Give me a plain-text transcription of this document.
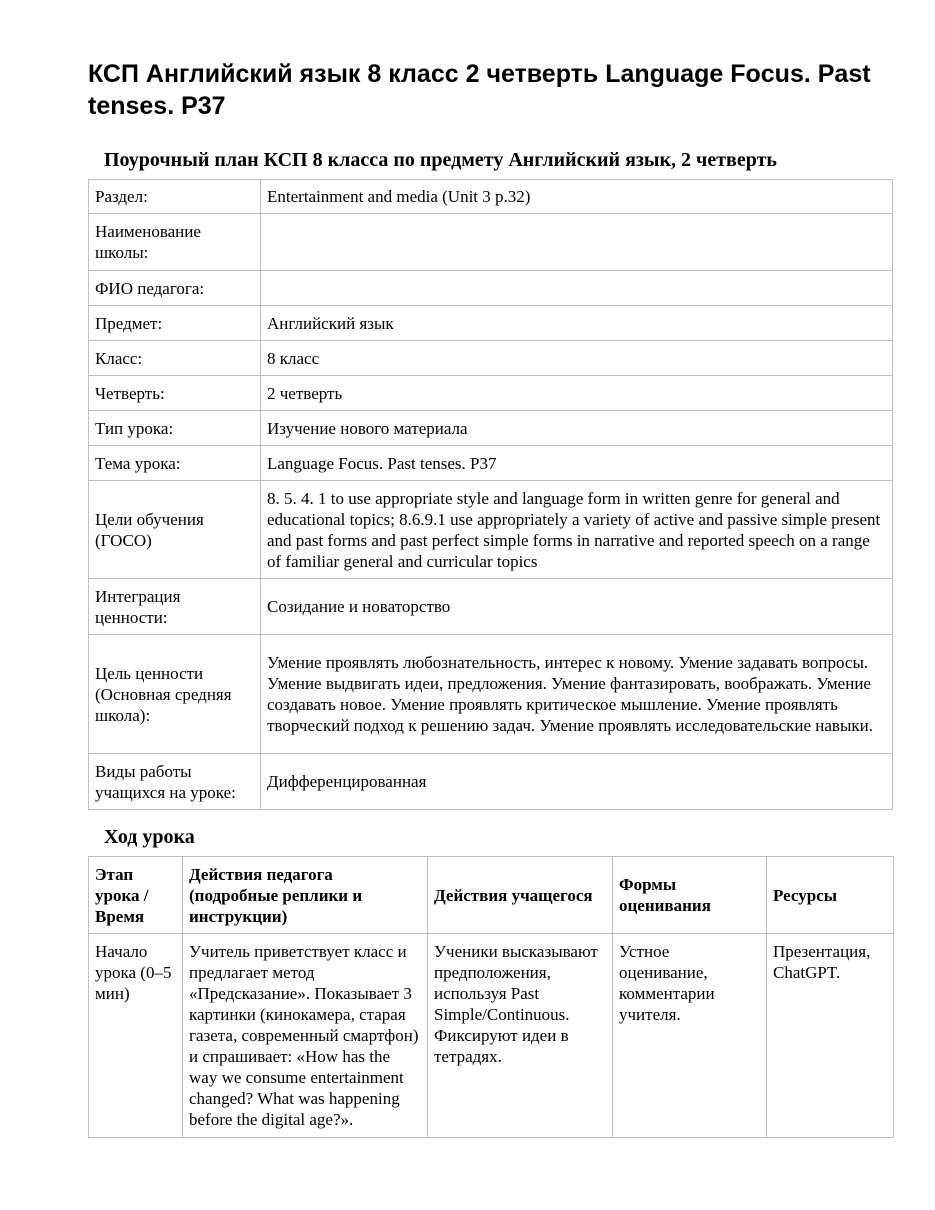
КСП Английский язык 8 класс 2 четверть Language Focus. Past tenses. P37
Поурочный план КСП 8 класса по предмету Английский язык, 2 четверть
Раздел:	Entertainment and media (Unit 3 p.32)
Наименование школы:	
ФИО педагога:	
Предмет:	Английский язык
Класс:	8 класс
Четверть:	2 четверть
Тип урока:	Изучение нового материала
Тема урока:	Language Focus. Past tenses. P37
Цели обучения (ГОСО)	8. 5. 4. 1 to use appropriate style and language form in written genre for general and educational topics; 8.6.9.1 use appropriately a variety of active and passive simple present and past forms and past perfect simple forms in narrative and reported speech on a range of familiar general and curricular topics
Интеграция ценности:	Созидание и новаторство
Цель ценности (Основная средняя школа):	Умение проявлять любознательность, интерес к новому. Умение задавать вопросы. Умение выдвигать идеи, предложения. Умение фантазировать, воображать. Умение создавать новое. Умение проявлять критическое мышление. Умение проявлять творческий подход к решению задач. Умение проявлять исследовательские навыки.
Виды работы учащихся на уроке:	Дифференцированная
Ход урока
Этап урока / Время	Действия педагога (подробные реплики и инструкции)	Действия учащегося	Формы оценивания	Ресурсы
Начало урока (0–5 мин)	Учитель приветствует класс и предлагает метод «Предсказание». Показывает 3 картинки (кинокамера, старая газета, современный смартфон) и спрашивает: «How has the way we consume entertainment changed? What was happening before the digital age?».	Ученики высказывают предположения, используя Past Simple/Continuous. Фиксируют идеи в тетрадях.	Устное оценивание, комментарии учителя.	Презентация, ChatGPT.
